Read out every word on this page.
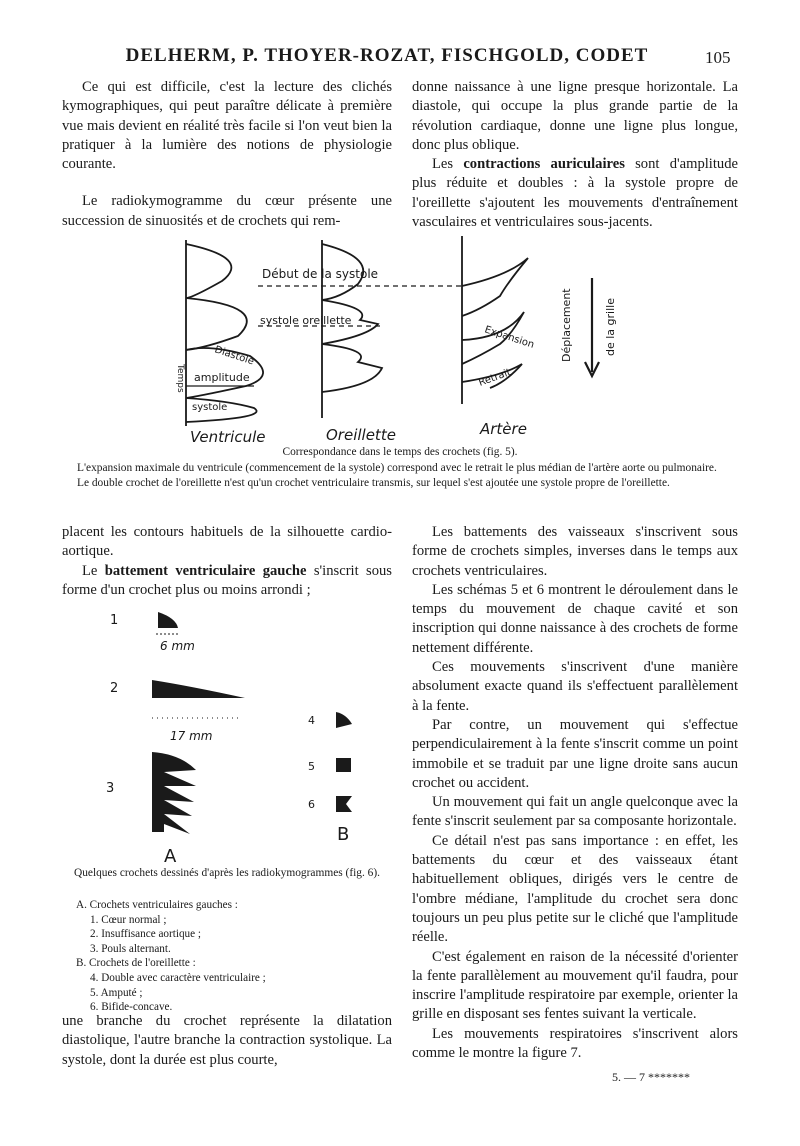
DELHERM, P. THOYER-ROZAT, FISCHGOLD, CODET	105

Ce qui est difficile, c'est la lecture des clichés kymographiques, qui peut paraître délicate à première vue mais devient en réalité très facile si l'on veut bien la pratiquer à la lumière des notions de physiologie courante.

Le radiokymogramme du cœur présente une succession de sinuosités et de crochets qui rem-

donne naissance à une ligne presque horizontale. La diastole, qui occupe la plus grande partie de la révolution cardiaque, donne une ligne plus longue, donc plus oblique.

Les contractions auriculaires sont d'amplitude plus réduite et doubles : à la systole propre de l'oreillette s'ajoutent les mouvements d'entraînement vasculaires et ventriculaires sous-jacents.

Début de la systole
systole oreillette
Diastole
amplitude
systole
Temps
Expansion
Retrait
Déplacement	de la grille
Ventricule	Oreillette	Artère
Correspondance dans le temps des crochets (fig. 5).

L'expansion maximale du ventricule (commencement de la systole) correspond avec le retrait le plus médian de l'artère aorte ou pulmonaire.

Le double crochet de l'oreillette n'est qu'un crochet ventriculaire transmis, sur lequel s'est ajoutée une systole propre de l'oreillette.

placent les contours habituels de la silhouette cardio-aortique.

Le battement ventriculaire gauche s'inscrit sous forme d'un crochet plus ou moins arrondi ;

1
2
3
4
5
6
6 mm
17 mm
A
B
Quelques crochets dessinés d'après les radiokymogrammes (fig. 6).
A. Crochets ventriculaires gauches :
1. Cœur normal ;
2. Insuffisance aortique ;
3. Pouls alternant.
B. Crochets de l'oreillette :
4. Double avec caractère ventriculaire ;
5. Amputé ;
6. Bifide-concave.

une branche du crochet représente la dilatation diastolique, l'autre branche la contraction systolique. La systole, dont la durée est plus courte,

Les battements des vaisseaux s'inscrivent sous forme de crochets simples, inverses dans le temps aux crochets ventriculaires.

Les schémas 5 et 6 montrent le déroulement dans le temps du mouvement de chaque cavité et son inscription qui donne naissance à des crochets de forme nettement différente.

Ces mouvements s'inscrivent d'une manière absolument exacte quand ils s'effectuent parallèlement à la fente.

Par contre, un mouvement qui s'effectue perpendiculairement à la fente s'inscrit comme un point immobile et se traduit par une ligne droite sans aucun crochet ou accident.

Un mouvement qui fait un angle quelconque avec la fente s'inscrit seulement par sa composante horizontale.

Ce détail n'est pas sans importance : en effet, les battements du cœur et des vaisseaux étant habituellement obliques, dirigés vers le centre de l'ombre médiane, l'amplitude du crochet sera donc toujours un peu plus petite sur le cliché que l'amplitude réelle.

C'est également en raison de la nécessité d'orienter la fente parallèlement au mouvement qu'il faudra, pour inscrire l'amplitude respiratoire par exemple, orienter la grille en disposant ses fentes suivant la verticale.

Les mouvements respiratoires s'inscrivent alors comme le montre la figure 7.

5. — 7 *******
